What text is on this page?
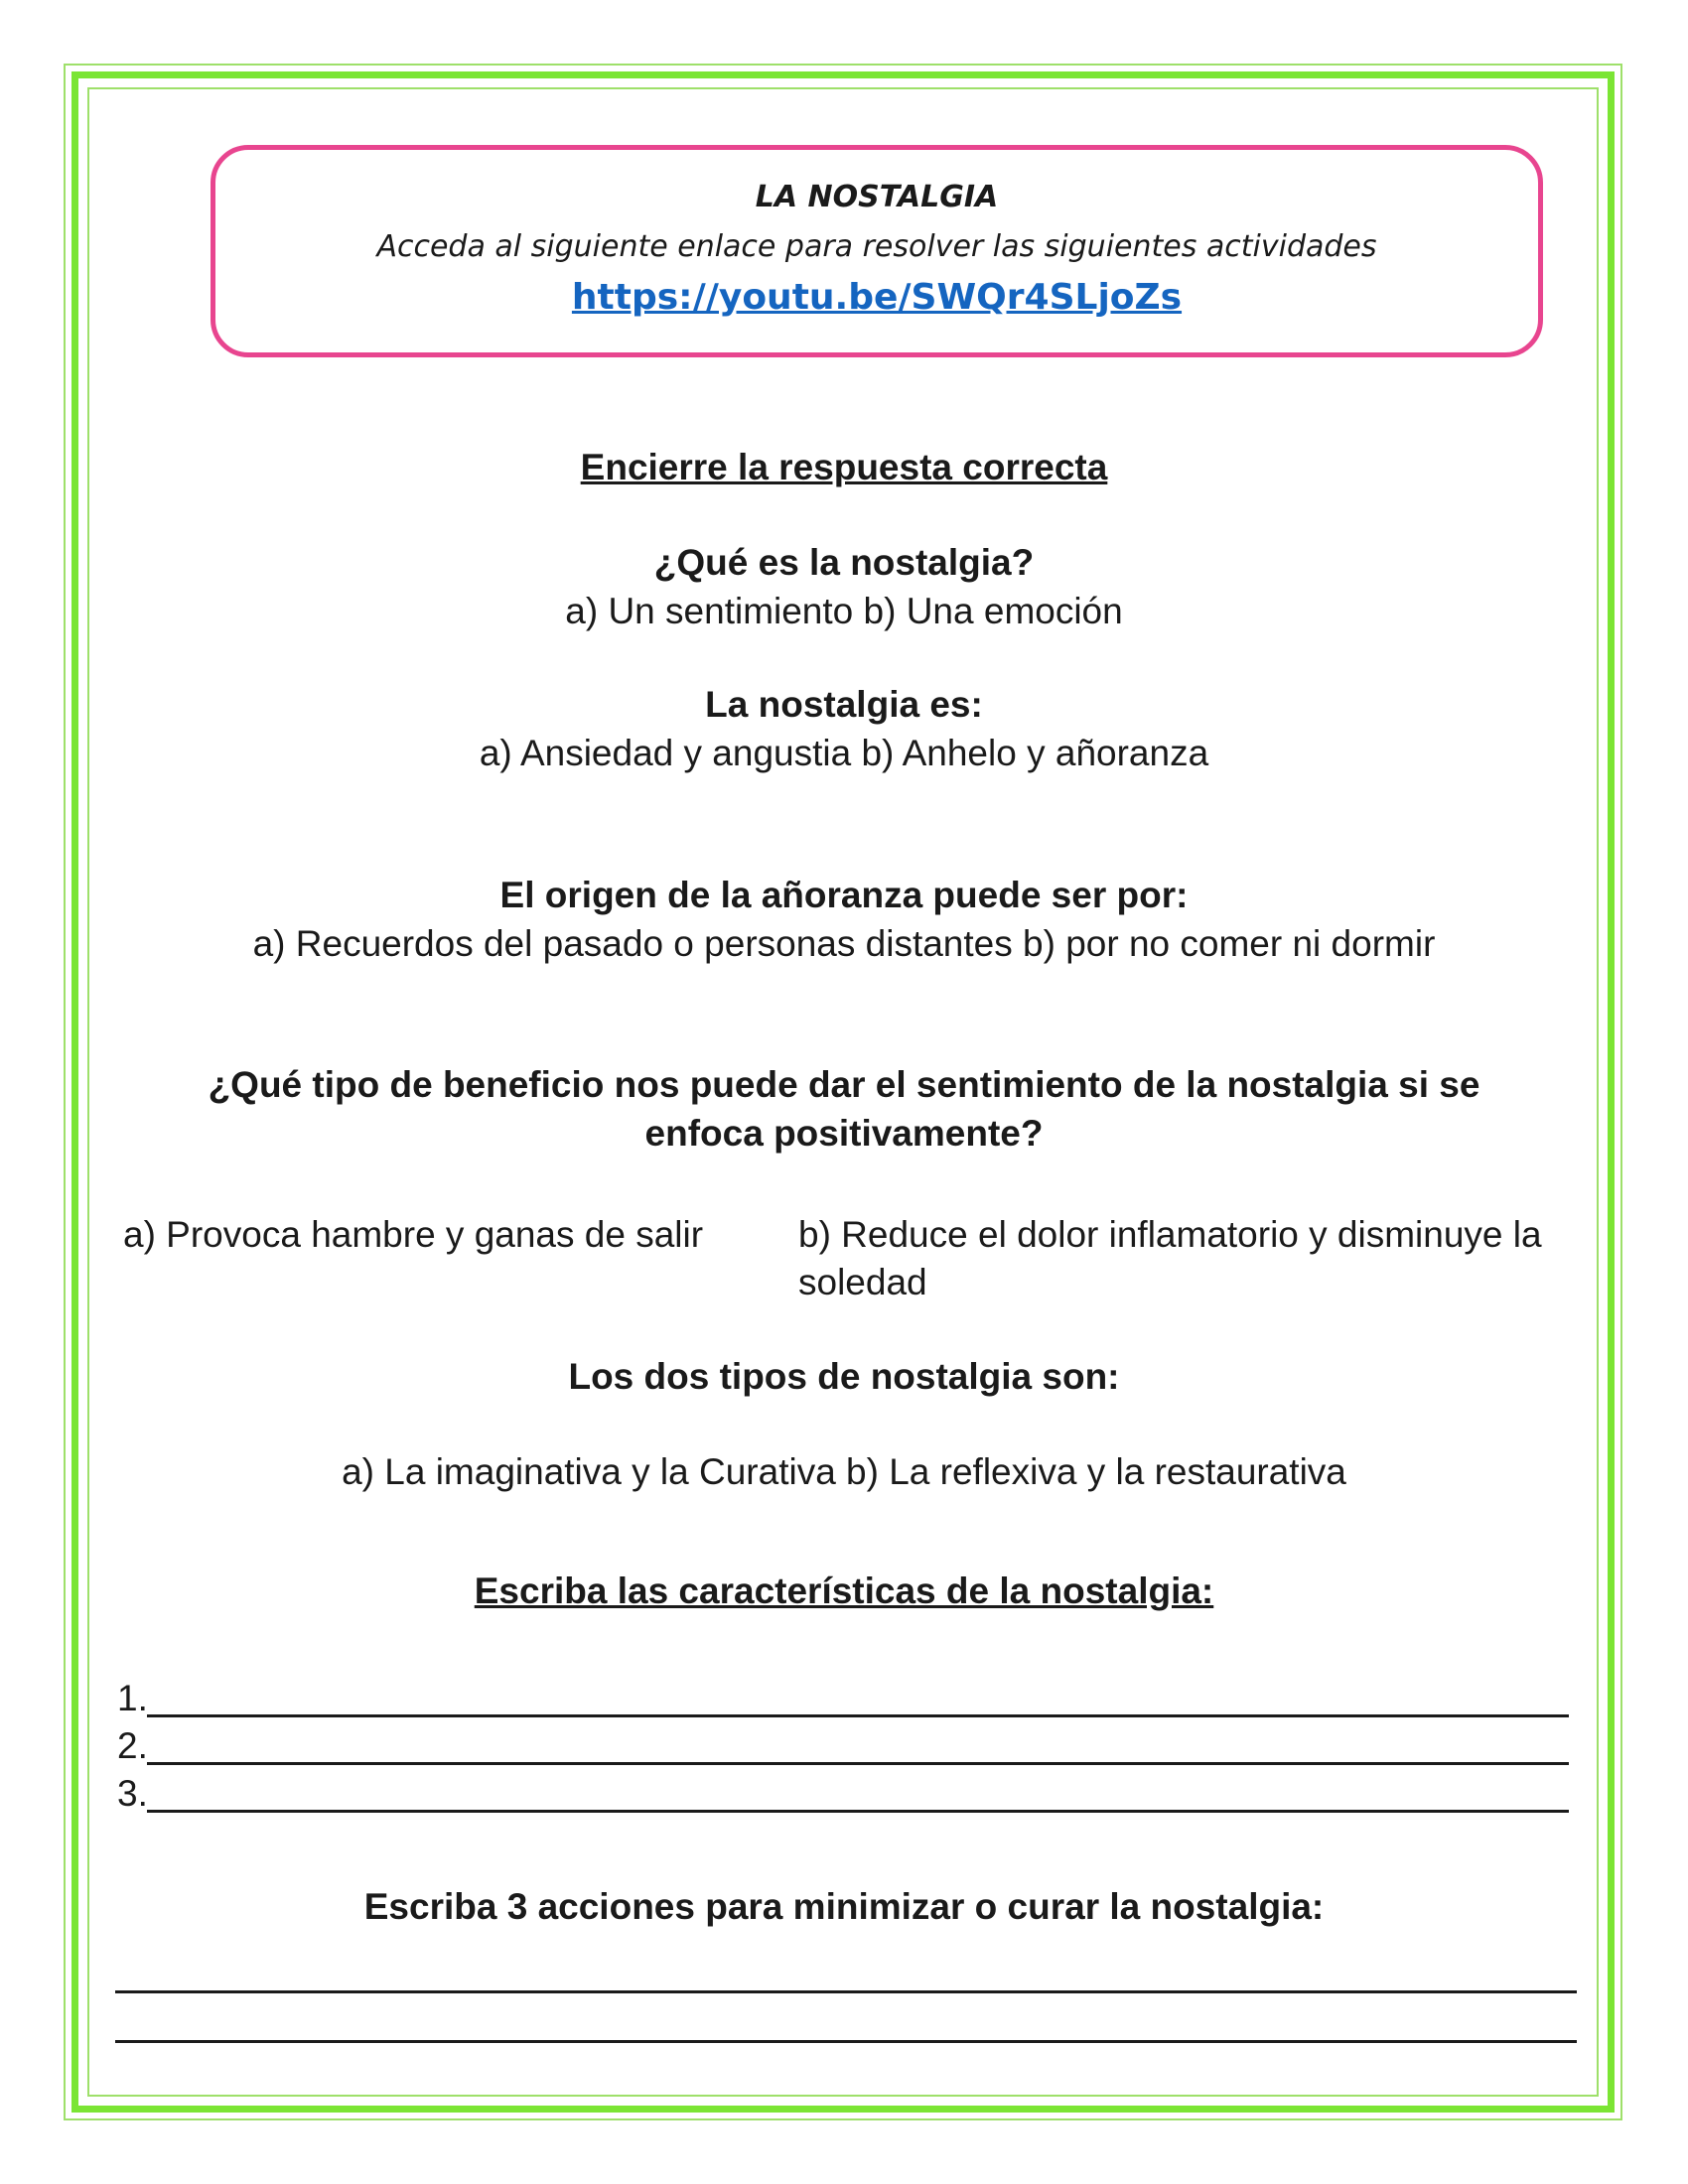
LA NOSTALGIA
Acceda al siguiente enlace para resolver las siguientes actividades
https://youtu.be/SWQr4SLjoZs
Encierre la respuesta correcta
¿Qué es la nostalgia?
a) Un sentimiento b) Una emoción
La nostalgia es:
a) Ansiedad y angustia b) Anhelo y añoranza
El origen de la añoranza puede ser por:
a) Recuerdos del pasado o personas distantes b) por no comer ni dormir
¿Qué tipo de beneficio nos puede dar el sentimiento de la nostalgia si se
enfoca positivamente?
a) Provoca hambre y ganas de salir	b) Reduce el dolor inflamatorio y disminuye la soledad
Los dos tipos de nostalgia son:
a) La imaginativa y la Curativa b) La reflexiva y la restaurativa
Escriba las características de la nostalgia:
1.
2.
3.
Escriba 3 acciones para minimizar o curar la nostalgia:
